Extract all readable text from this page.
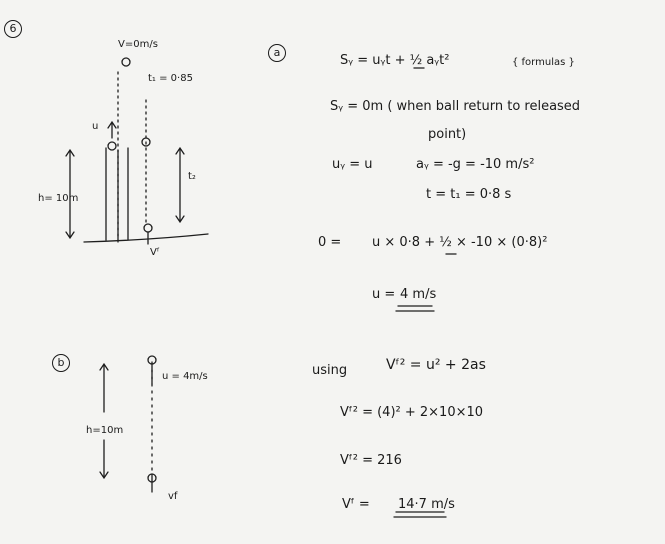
6
V=0m/s
t₁ = 0·85
u
h= 10m
t₂
Vᶠ
a
Sᵧ = uᵧt + ½ aᵧt²	{ formulas }
Sᵧ = 0m ( when ball return to released
point)
uᵧ = u	aᵧ = -g = -10 m/s²
t = t₁ = 0·8 s
0 = u × 0·8 + ½ × -10 × (0·8)²
u = 4 m/s
b
u = 4m/s
h=10m
vf
using	Vᶠ² = u² + 2as
Vᶠ² = (4)² + 2×10×10
Vᶠ² = 216
Vᶠ = 14·7 m/s
